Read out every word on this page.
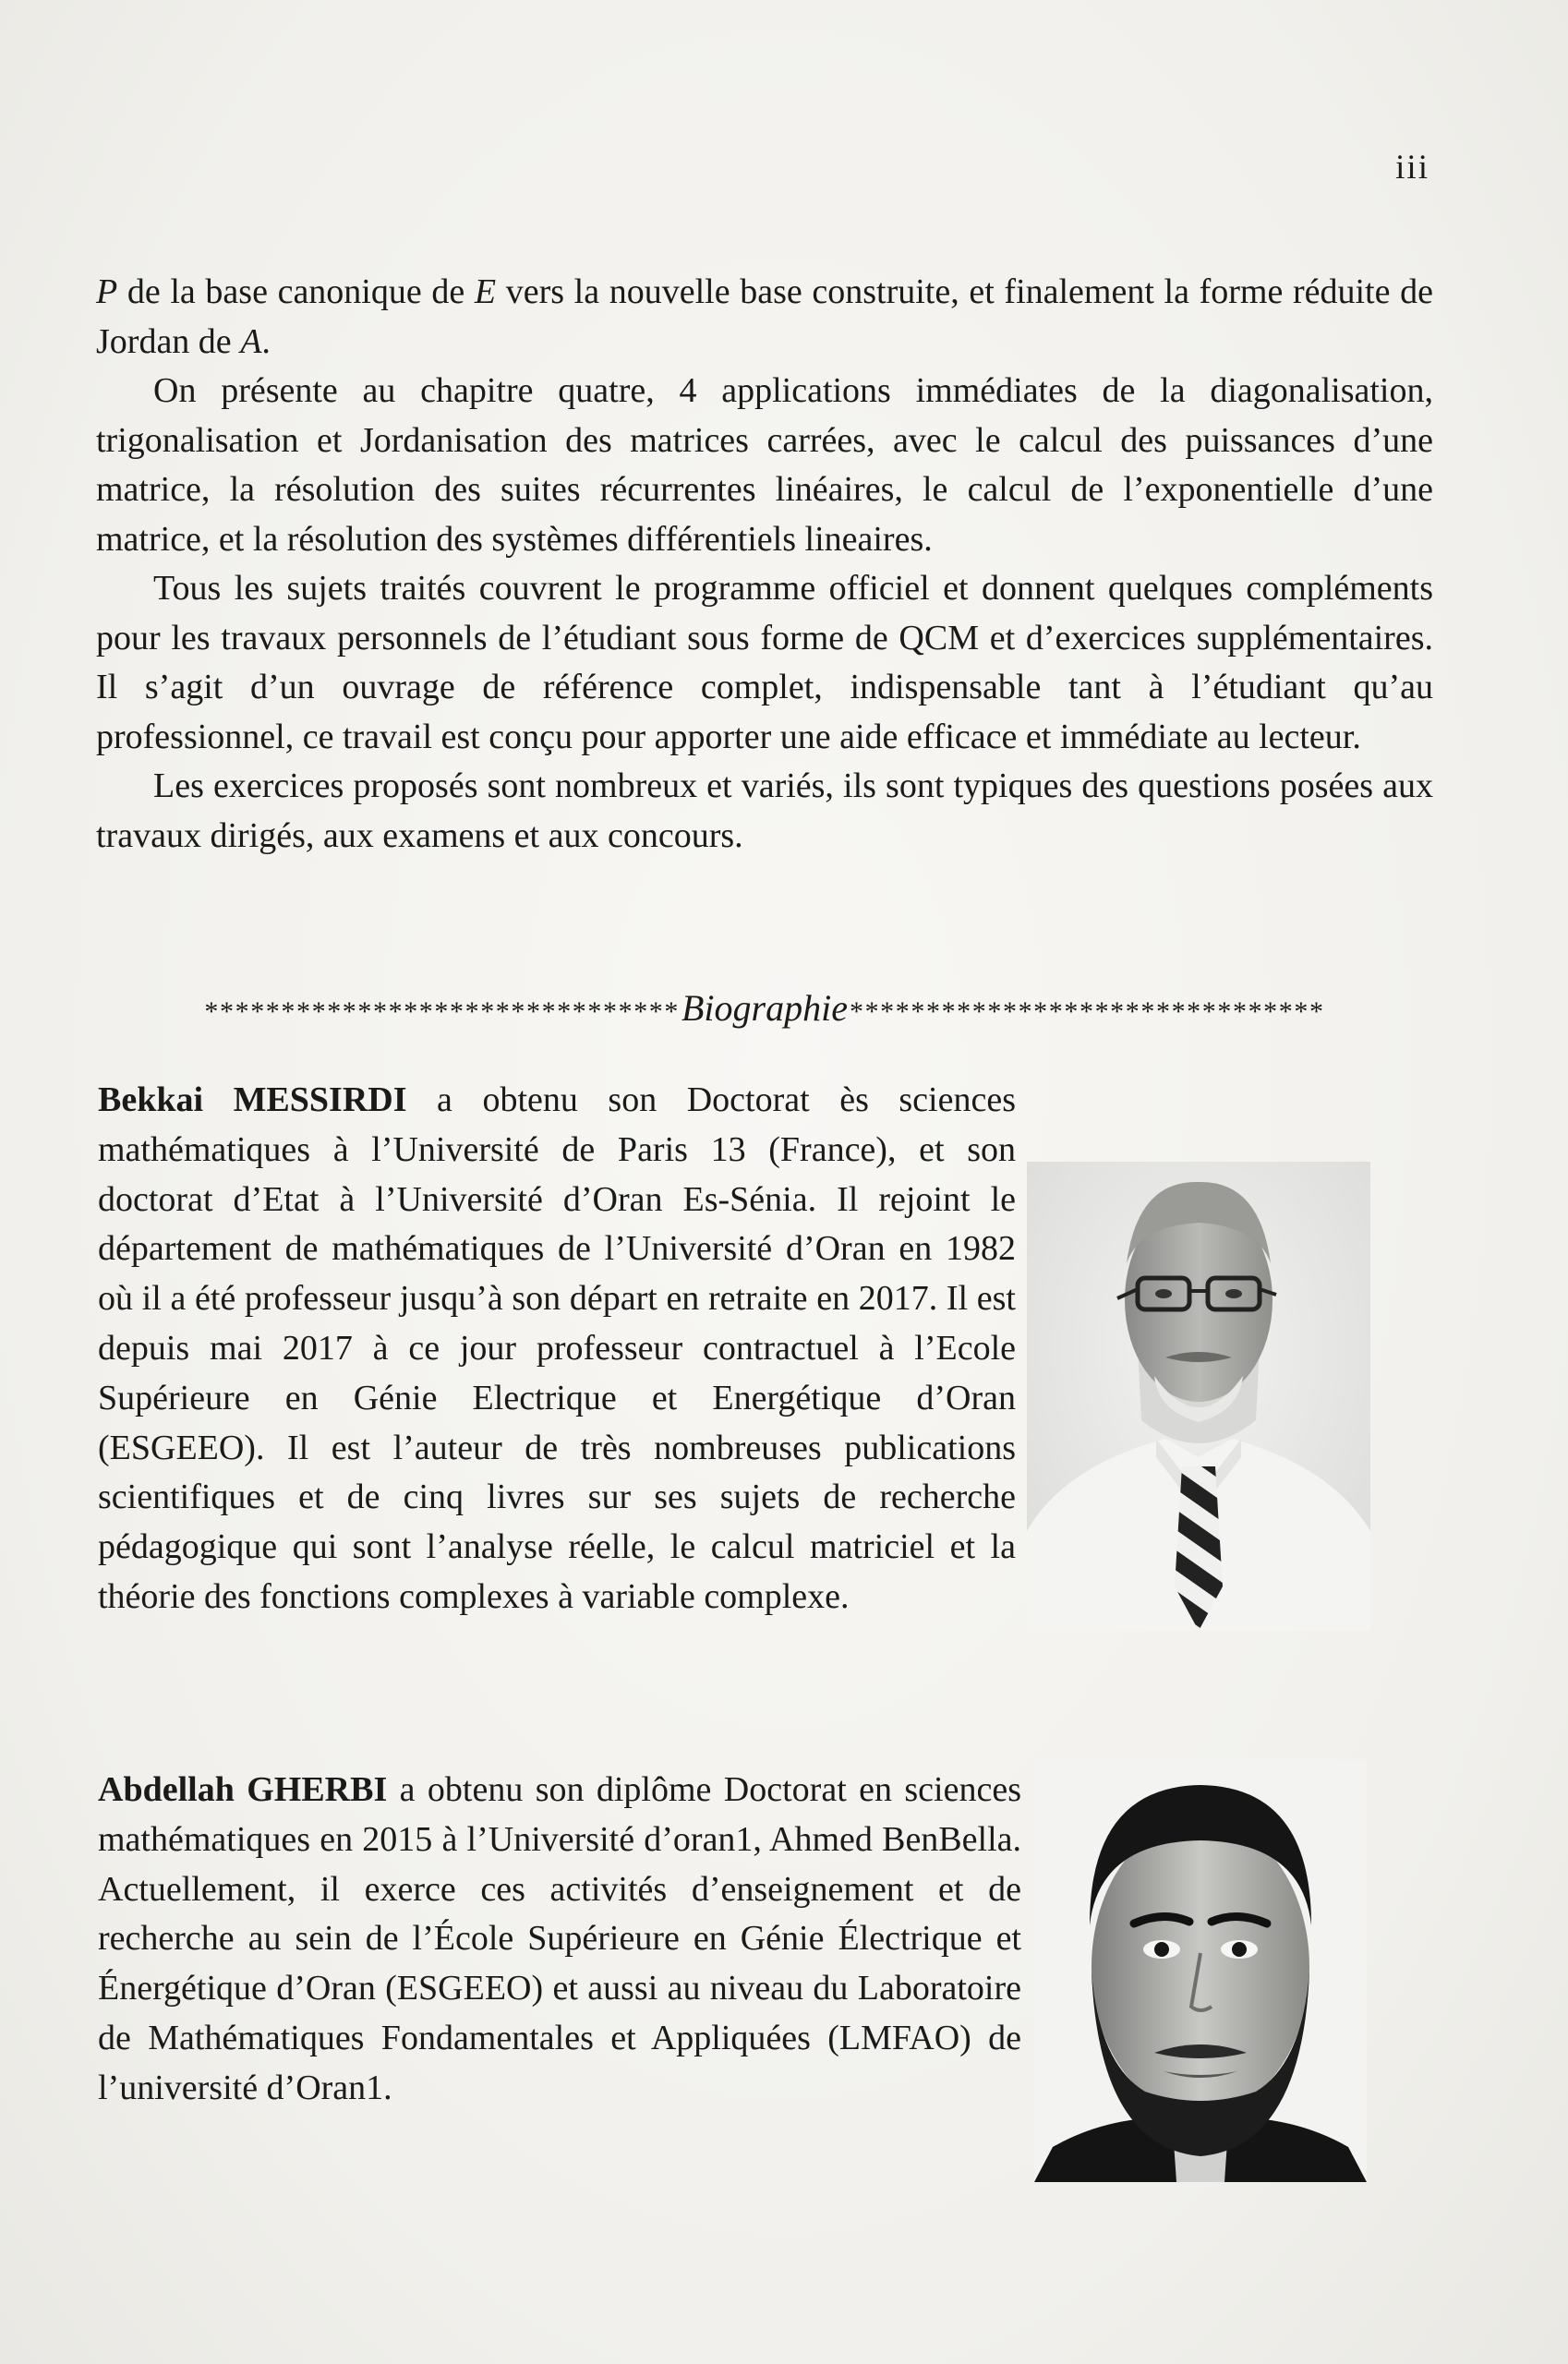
iii

P de la base canonique de E vers la nouvelle base construite, et finalement la forme réduite de Jordan de A.

On présente au chapitre quatre, 4 applications immédiates de la diagonalisation, trigonalisation et Jordanisation des matrices carrées, avec le calcul des puissances d’une matrice, la résolution des suites récurrentes linéaires, le calcul de l’exponentielle d’une matrice, et la résolution des systèmes différentiels lineaires.

Tous les sujets traités couvrent le programme officiel et donnent quelques compléments pour les travaux personnels de l’étudiant sous forme de QCM et d’exercices supplémentaires. Il s’agit d’un ouvrage de référence complet, indispensable tant à l’étudiant qu’au professionnel, ce travail est conçu pour apporter une aide efficace et immédiate au lecteur.

Les exercices proposés sont nombreux et variés, ils sont typiques des questions posées aux travaux dirigés, aux examens et aux concours.

******************************* Biographie *******************************

Bekkai MESSIRDI a obtenu son Doctorat ès sciences mathématiques à l’Université de Paris 13 (France), et son doctorat d’Etat à l’Université d’Oran Es-Sénia. Il rejoint le département de mathématiques de l’Université d’Oran en 1982 où il a été professeur jusqu’à son départ en retraite en 2017. Il est depuis mai 2017 à ce jour professeur contractuel à l’Ecole Supérieure en Génie Electrique et Energétique d’Oran (ESGEEO). Il est l’auteur de très nombreuses publications scientifiques et de cinq livres sur ses sujets de recherche pédagogique qui sont l’analyse réelle, le calcul matriciel et la théorie des fonctions complexes à variable complexe.

Abdellah GHERBI a obtenu son diplôme Doctorat en sciences mathématiques en 2015 à l’Université d’oran1, Ahmed BenBella. Actuellement, il exerce ces activités d’enseignement et de recherche au sein de l’École Supérieure en Génie Électrique et Énergétique d’Oran (ESGEEO) et aussi au niveau du Laboratoire de Mathématiques Fondamentales et Appliquées (LMFAO) de l’université d’Oran1.
